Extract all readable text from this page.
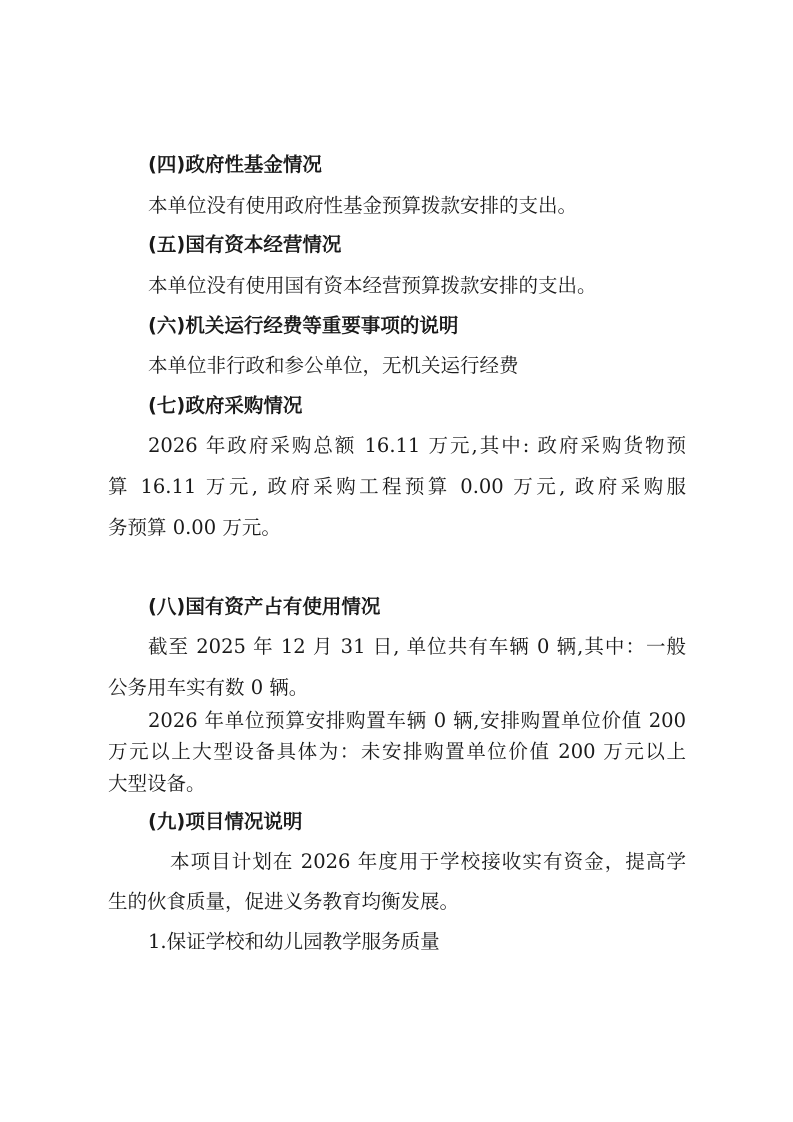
(四)政府性基金情况
本单位没有使用政府性基金预算拨款安排的支出。
(五)国有资本经营情况
本单位没有使用国有资本经营预算拨款安排的支出。
(六)机关运行经费等重要事项的说明
本单位非行政和参公单位，无机关运行经费
(七)政府采购情况
2026 年政府采购总额 16.11 万元,其中: 政府采购货物预
算 16.11 万元, 政府采购工程预算 0.00 万元, 政府采购服
务预算 0.00 万元。
(八)国有资产占有使用情况
截至 2025 年 12 月 31 日, 单位共有车辆 0 辆,其中：一般
公务用车实有数 0 辆。
2026 年单位预算安排购置车辆 0 辆,安排购置单位价值 200
万元以上大型设备具体为：未安排购置单位价值 200 万元以上
大型设备。
(九)项目情况说明
本项目计划在 2026 年度用于学校接收实有资金，提高学
生的伙食质量，促进义务教育均衡发展。
1.保证学校和幼儿园教学服务质量
